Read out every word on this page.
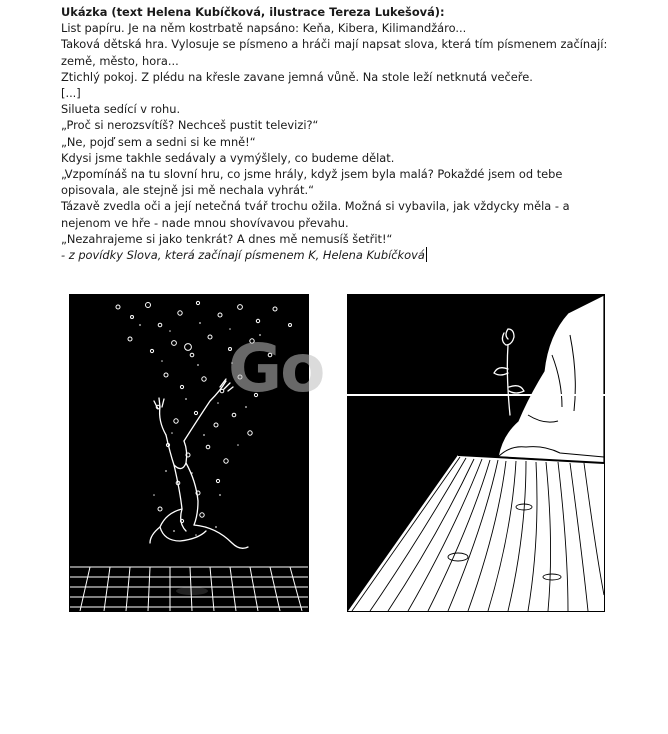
Ukázka (text Helena Kubíčková, ilustrace Tereza Lukešová):
List papíru. Je na něm kostrbatě napsáno: Keňa, Kibera, Kilimandžáro...
Taková dětská hra. Vylosuje se písmeno a hráči mají napsat slova, která tím písmenem začínají:
země, město, hora...
Ztichlý pokoj. Z plédu na křesle zavane jemná vůně. Na stole leží netknutá večeře.
[...]
Silueta sedící v rohu.
„Proč si nerozsvítíš? Nechceš pustit televizi?“
„Ne, pojď sem a sedni si ke mně!“
Kdysi jsme takhle sedávaly a vymýšlely, co budeme dělat.
„Vzpomínáš na tu slovní hru, co jsme hrály, když jsem byla malá? Pokaždé jsem od tebe
opisovala, ale stejně jsi mě nechala vyhrát.“
Tázavě zvedla oči a její netečná tvář trochu ožila. Možná si vybavila, jak vždycky měla - a
nejenom ve hře - nade mnou shovívavou převahu.
„Nezahrajeme si jako tenkrát? A dnes mě nemusíš šetřit!“
- z povídky Slova, která začínají písmenem K, Helena Kubíčková
Go
